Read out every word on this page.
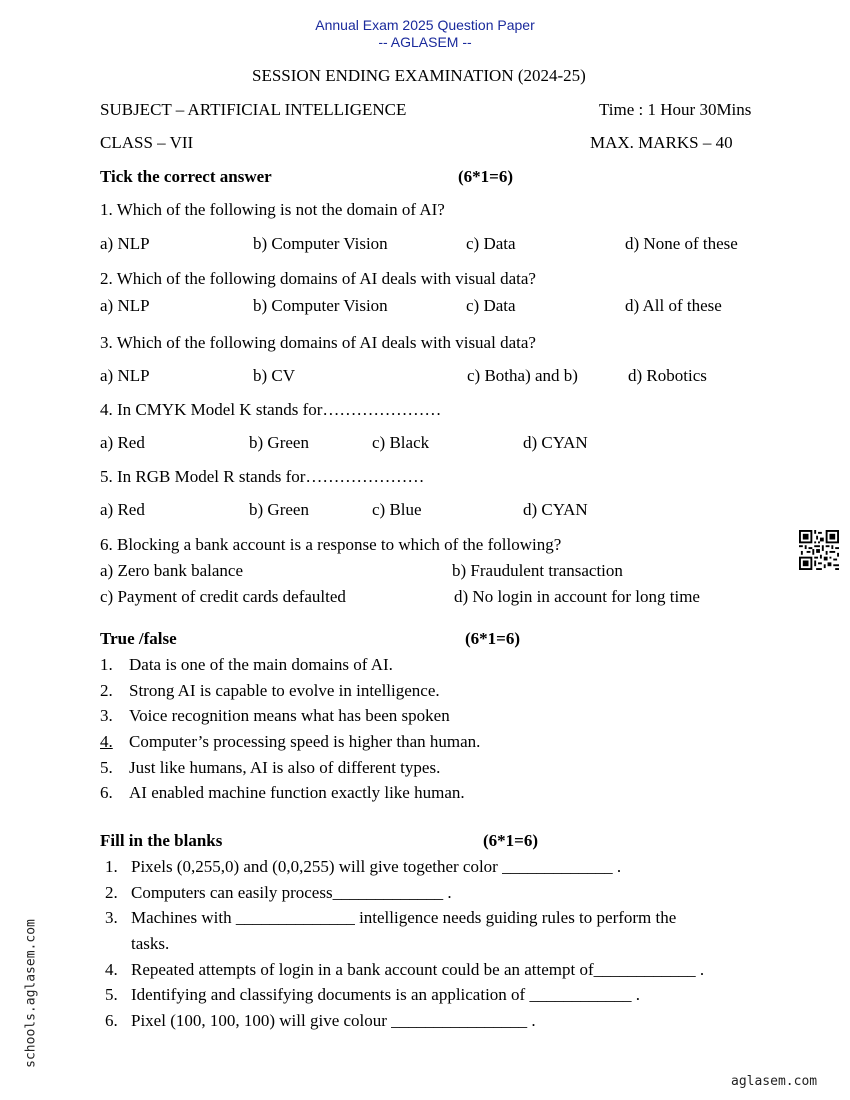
Annual Exam 2025 Question Paper
-- AGLASEM --
SESSION ENDING EXAMINATION (2024-25)
SUBJECT – ARTIFICIAL INTELLIGENCE	Time : 1 Hour 30Mins
CLASS – VII	MAX. MARKS – 40
Tick the correct answer	(6*1=6)
1. Which of the following is not the domain of AI?
a) NLP	b) Computer Vision	c) Data	d) None of these
2. Which of the following domains of AI deals with visual data?
a) NLP	b) Computer Vision	c) Data	d) All of these
3. Which of the following domains of AI deals with visual data?
a) NLP	b) CV	c) Botha) and b)	d) Robotics
4. In CMYK Model K stands for…………………
a) Red	b) Green	c) Black	d) CYAN
5. In RGB Model R stands for…………………
a) Red	b) Green	c) Blue	d) CYAN
6. Blocking a bank account is a response to which of the following?
a) Zero bank balance	b) Fraudulent transaction
c) Payment of credit cards defaulted	d) No login in account for long time
True /false	(6*1=6)
1. Data is one of the main domains of AI.
2. Strong AI is capable to evolve in intelligence.
3. Voice recognition means what has been spoken
4. Computer’s processing speed is higher than human.
5. Just like humans, AI is also of different types.
6. AI enabled machine function exactly like human.
Fill in the blanks	(6*1=6)
1. Pixels (0,255,0) and (0,0,255) will give together color _____________ .
2. Computers can easily process_____________ .
3. Machines with ______________ intelligence needs guiding rules to perform the
tasks.
4. Repeated attempts of login in a bank account could be an attempt of____________ .
5. Identifying and classifying documents is an application of ____________ .
6. Pixel (100, 100, 100) will give colour ________________ .
schools.aglasem.com
aglasem.com
